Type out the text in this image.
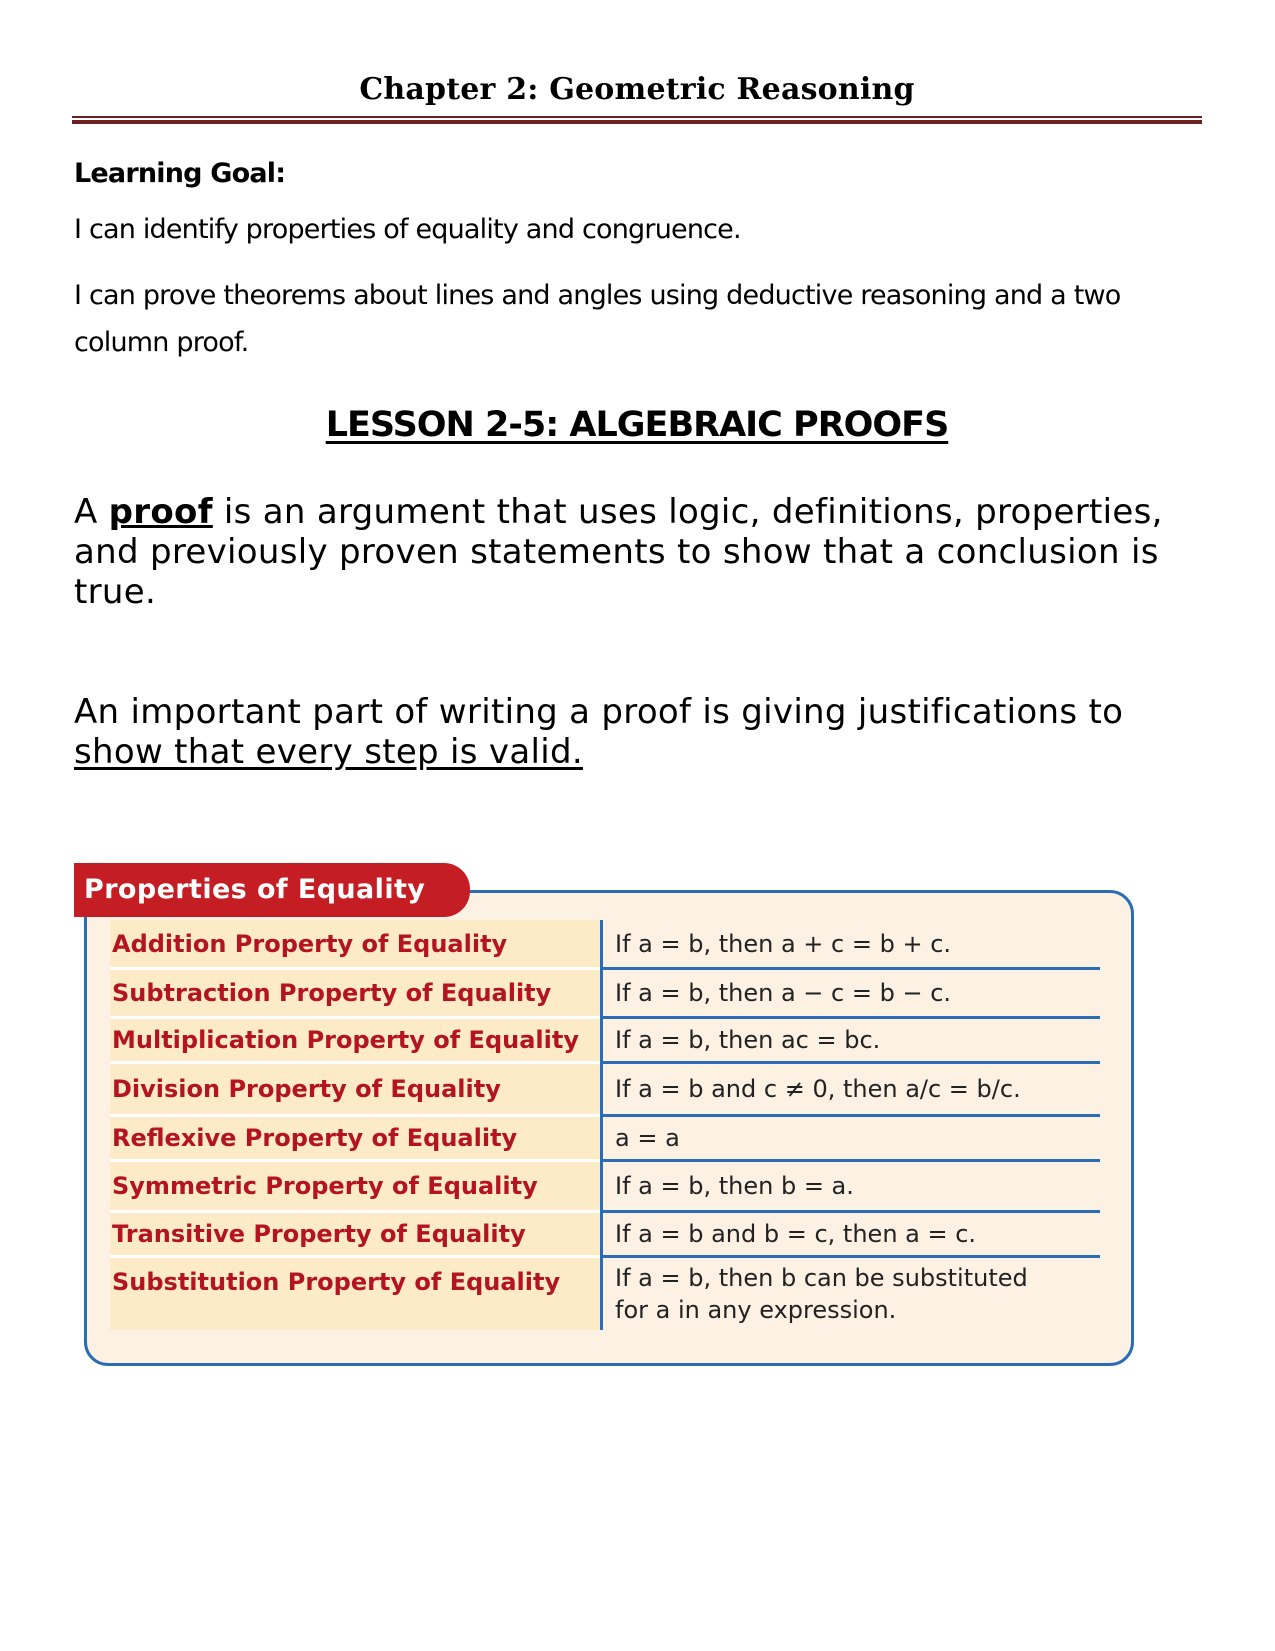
Chapter 2: Geometric Reasoning
Learning Goal:
I can identify properties of equality and congruence.
I can prove theorems about lines and angles using deductive reasoning and a two column proof.
LESSON 2-5: ALGEBRAIC PROOFS
A proof is an argument that uses logic, definitions, properties, and previously proven statements to show that a conclusion is true.
An important part of writing a proof is giving justifications to show that every step is valid.
Properties of Equality
Addition Property of Equality	If a = b, then a + c = b + c.
Subtraction Property of Equality	If a = b, then a − c = b − c.
Multiplication Property of Equality	If a = b, then ac = bc.
Division Property of Equality	If a = b and c ≠ 0, then a/c = b/c.
Reflexive Property of Equality	a = a
Symmetric Property of Equality	If a = b, then b = a.
Transitive Property of Equality	If a = b and b = c, then a = c.
Substitution Property of Equality	If a = b, then b can be substituted for a in any expression.
